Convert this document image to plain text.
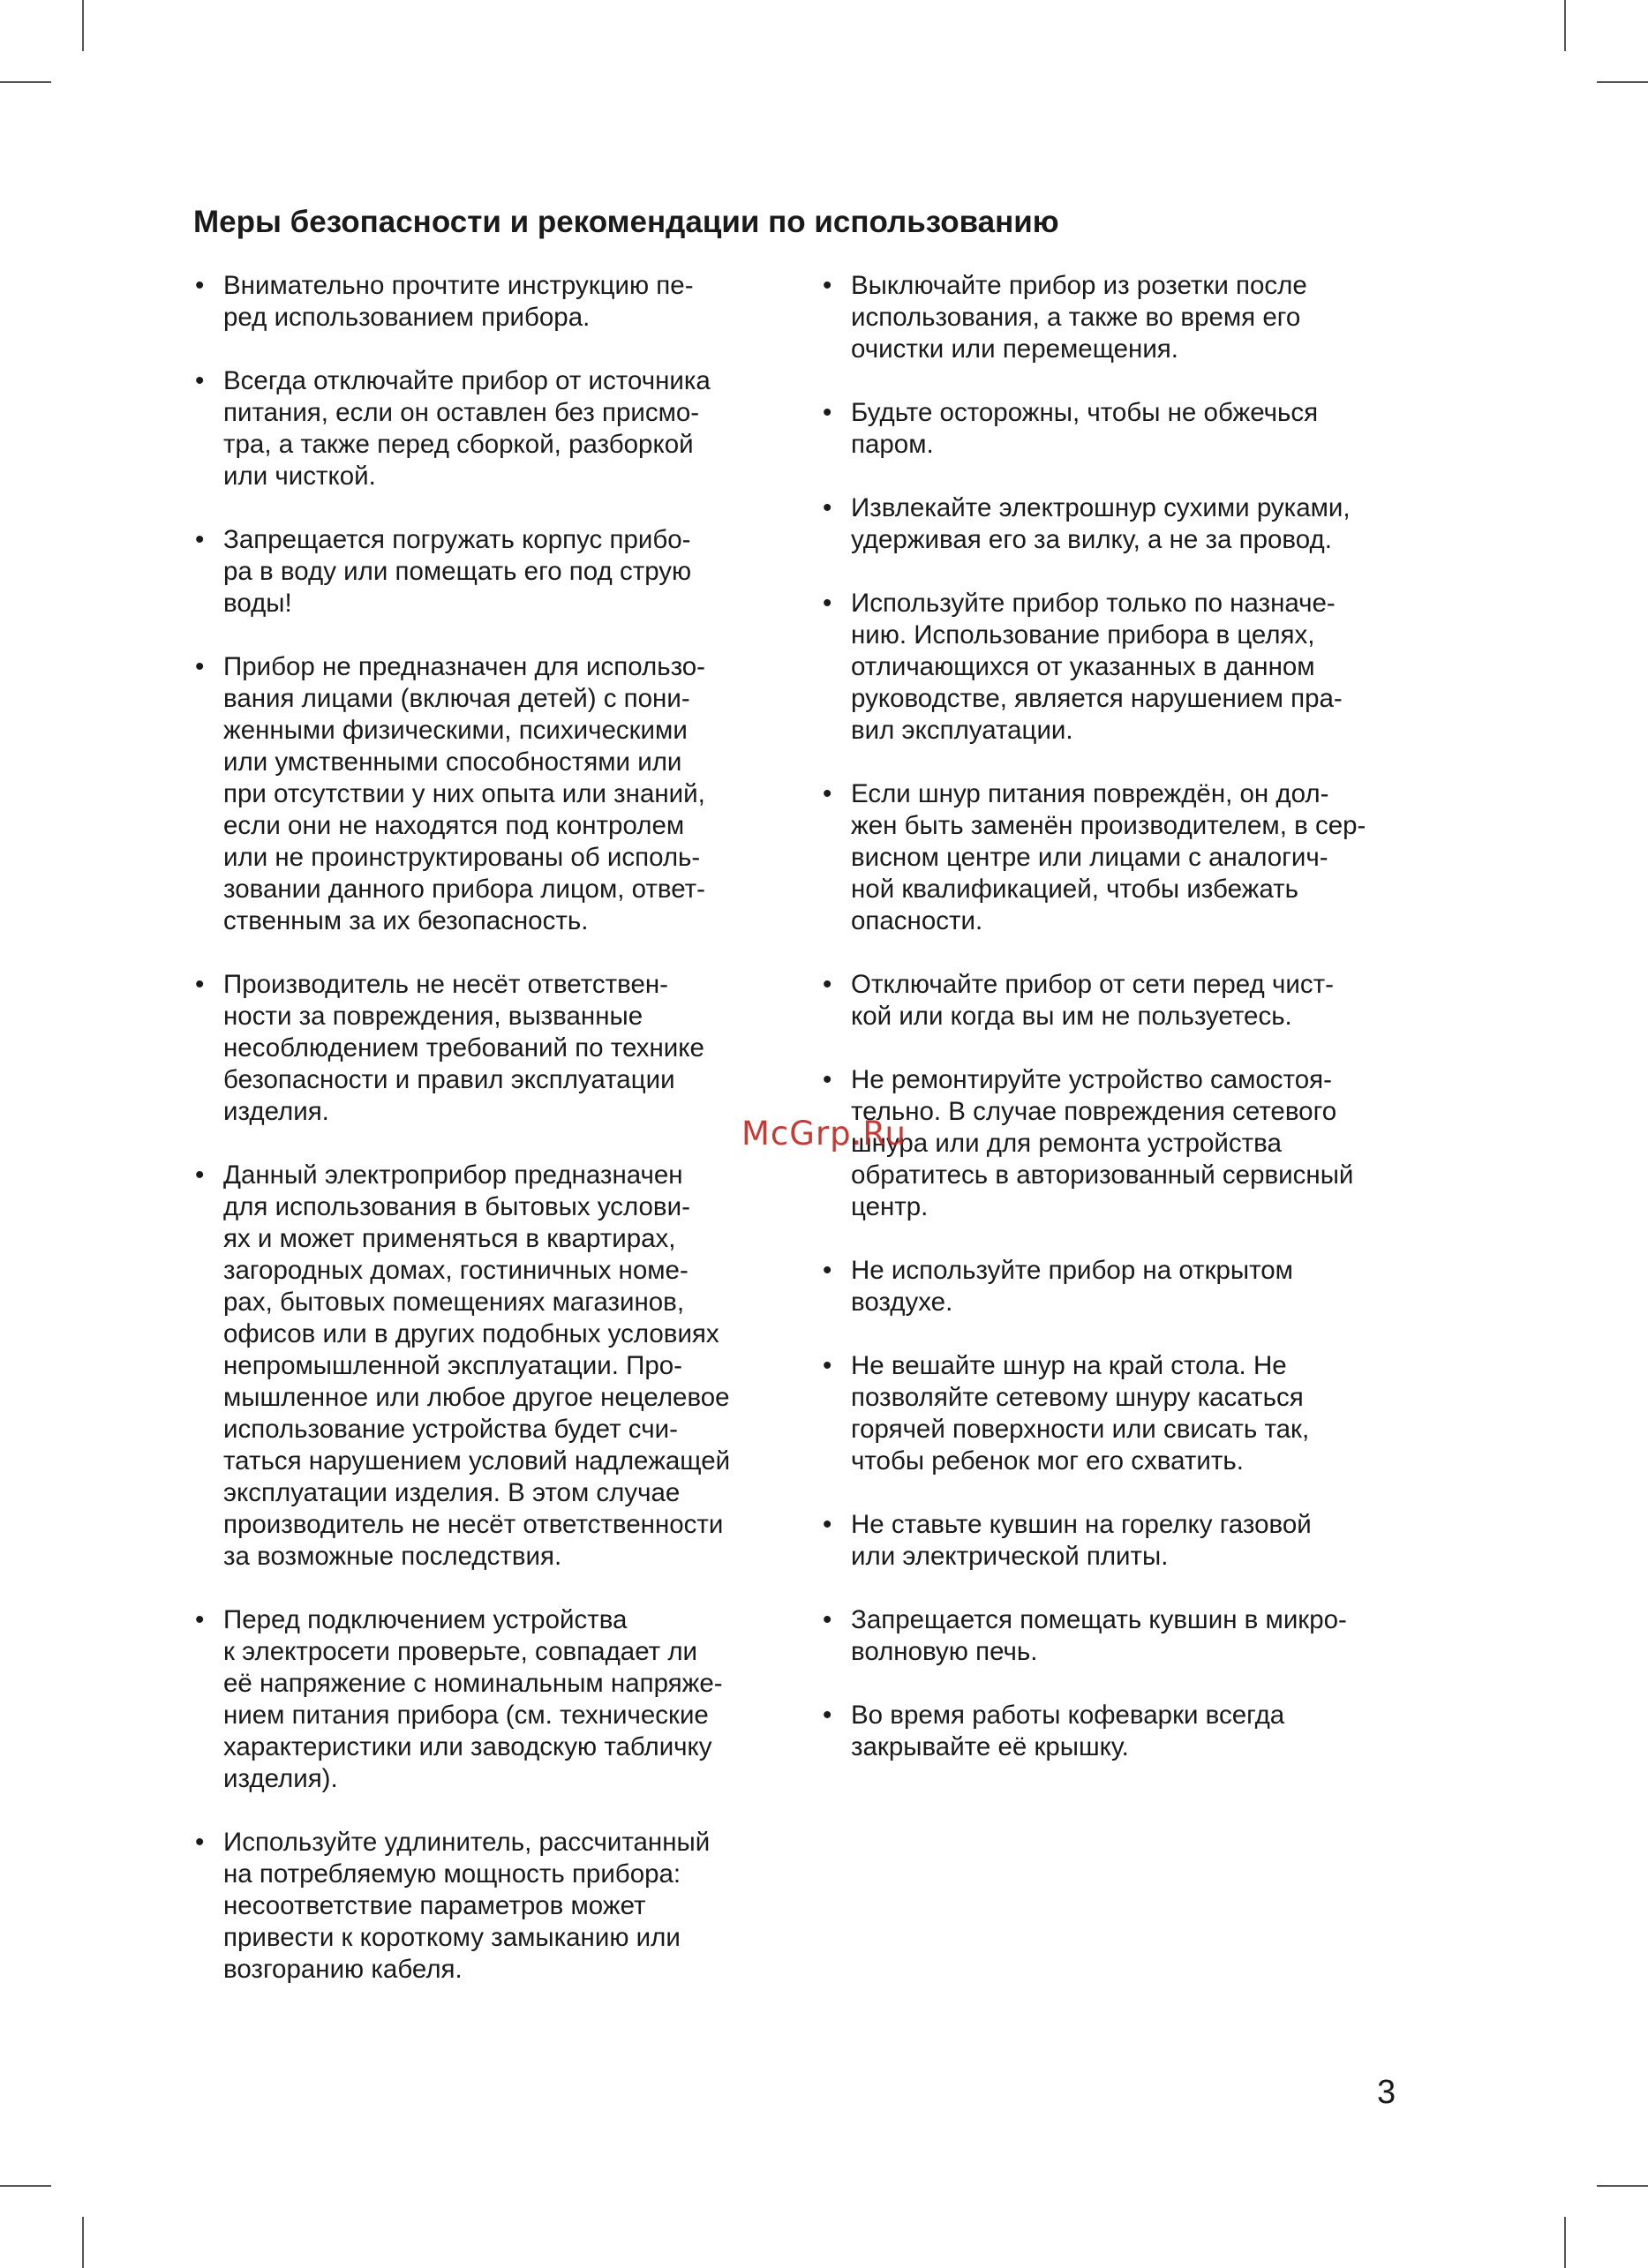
Меры безопасности и рекомендации по использованию
• Внимательно прочтите инструкцию пе-
ред использованием прибора.
• Всегда отключайте прибор от источника
питания, если он оставлен без присмо-
тра, а также перед сборкой, разборкой
или чисткой.
• Запрещается погружать корпус прибо-
ра в воду или помещать его под струю
воды!
• Прибор не предназначен для использо-
вания лицами (включая детей) с пони-
женными физическими, психическими
или умственными способностями или
при отсутствии у них опыта или знаний,
если они не находятся под контролем
или не проинструктированы об исполь-
зовании данного прибора лицом, ответ-
ственным за их безопасность.
• Производитель не несёт ответствен-
ности за повреждения, вызванные
несоблюдением требований по технике
безопасности и правил эксплуатации
изделия.
• Данный электроприбор предназначен
для использования в бытовых услови-
ях и может применяться в квартирах,
загородных домах, гостиничных номе-
рах, бытовых помещениях магазинов,
офисов или в других подобных условиях
непромышленной эксплуатации. Про-
мышленное или любое другое нецелевое
использование устройства будет счи-
таться нарушением условий надлежащей
эксплуатации изделия. В этом случае
производитель не несёт ответственности
за возможные последствия.
• Перед подключением устройства
к электросети проверьте, совпадает ли
её напряжение с номинальным напряже-
нием питания прибора (см. технические
характеристики или заводскую табличку
изделия).
• Используйте удлинитель, рассчитанный
на потребляемую мощность прибора:
несоответствие параметров может
привести к короткому замыканию или
возгоранию кабеля.
• Выключайте прибор из розетки после
использования, а также во время его
очистки или перемещения.
• Будьте осторожны, чтобы не обжечься
паром.
• Извлекайте электрошнур сухими руками,
удерживая его за вилку, а не за провод.
• Используйте прибор только по назначе-
нию. Использование прибора в целях,
отличающихся от указанных в данном
руководстве, является нарушением пра-
вил эксплуатации.
• Если шнур питания повреждён, он дол-
жен быть заменён производителем, в сер-
висном центре или лицами с аналогич-
ной квалификацией, чтобы избежать
опасности.
• Отключайте прибор от сети перед чист-
кой или когда вы им не пользуетесь.
• Не ремонтируйте устройство самостоя-
тельно. В случае повреждения сетевого
шнура или для ремонта устройства
обратитесь в авторизованный сервисный
центр.
• Не используйте прибор на открытом
воздухе.
• Не вешайте шнур на край стола. Не
позволяйте сетевому шнуру касаться
горячей поверхности или свисать так,
чтобы ребенок мог его схватить.
• Не ставьте кувшин на горелку газовой
или электрической плиты.
• Запрещается помещать кувшин в микро-
волновую печь.
• Во время работы кофеварки всегда
закрывайте её крышку.
McGrp.Ru
3
